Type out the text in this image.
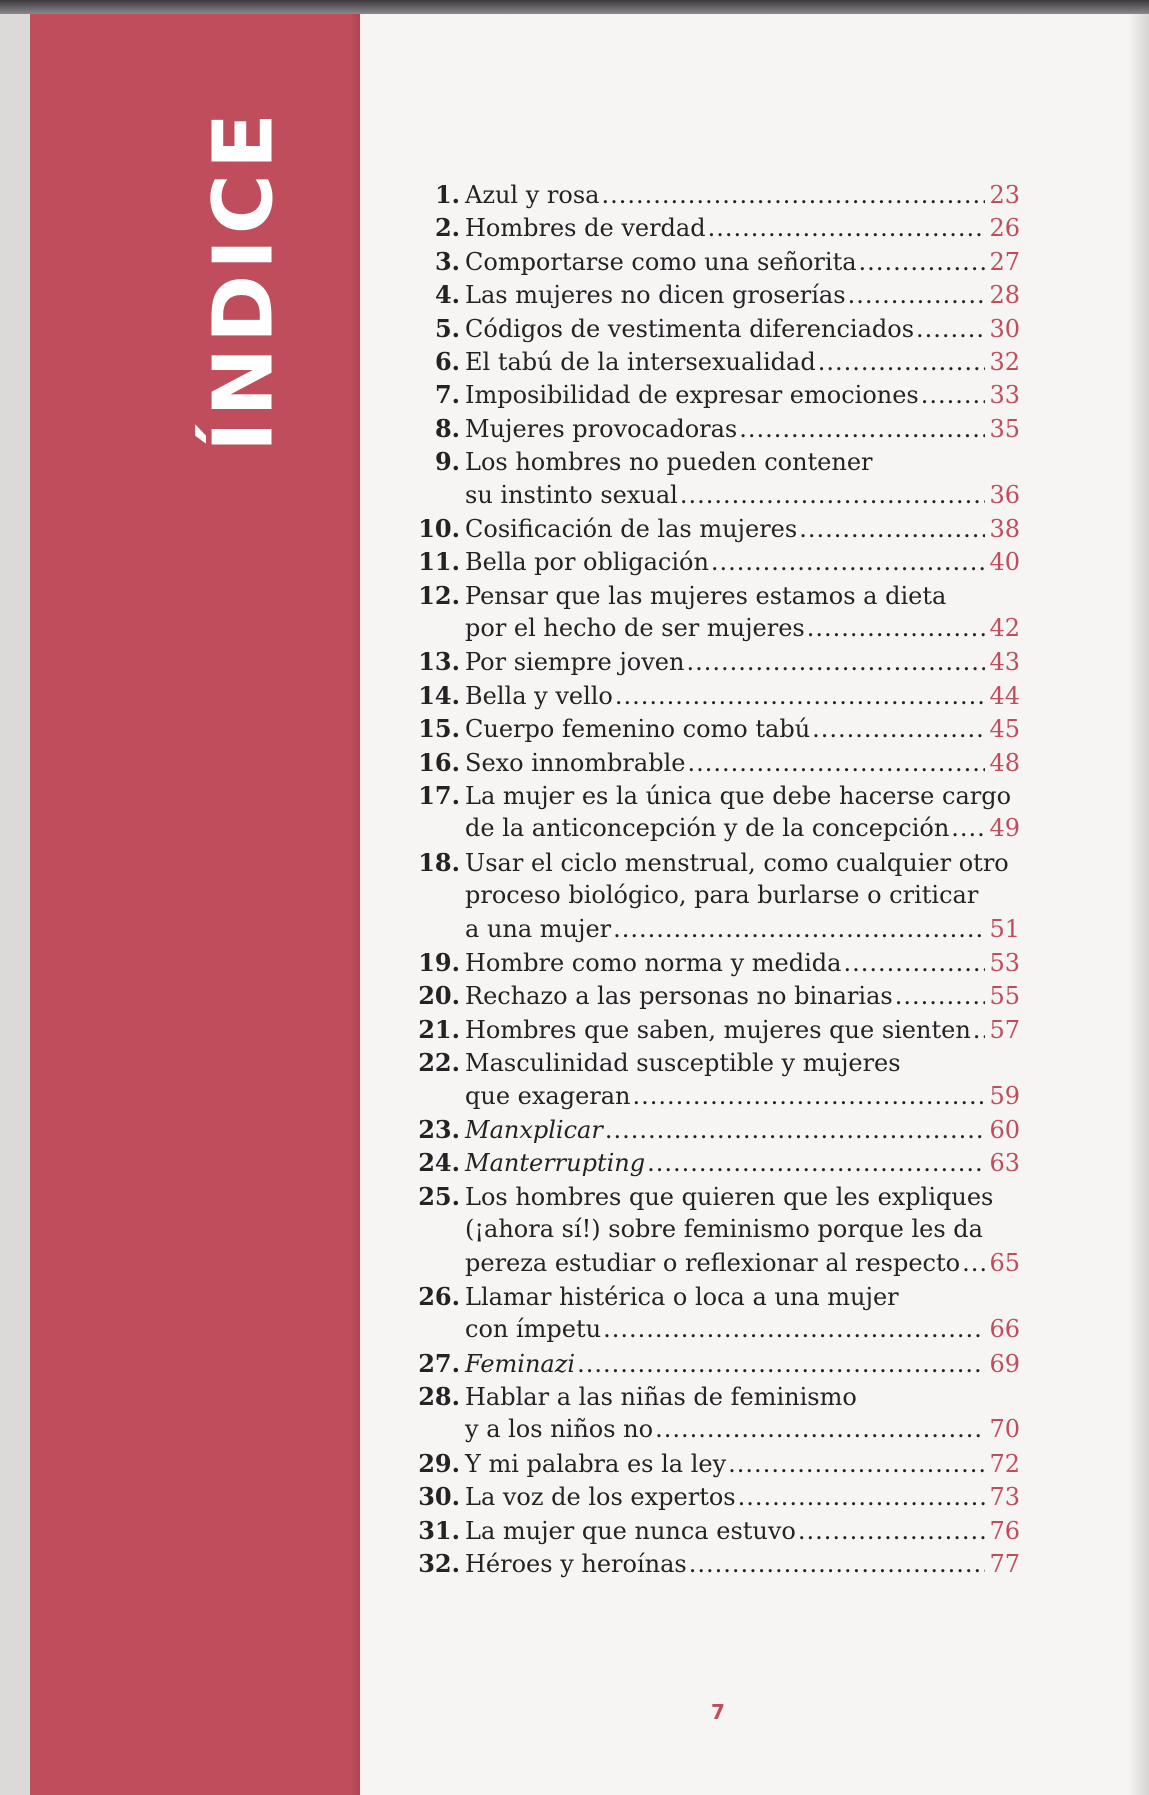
ÍNDICE	1. Azul y rosa .....	23
2. Hombres de verdad .....	26
3. Comportarse como una señorita .....	27
4. Las mujeres no dicen groserías .....	28
5. Códigos de vestimenta diferenciados .....	30
6. El tabú de la intersexualidad .....	32
7. Imposibilidad de expresar emociones .....	33
8. Mujeres provocadoras .....	35
9. Los hombres no pueden contener
su instinto sexual .....	36
10. Cosificación de las mujeres .....	38
11. Bella por obligación .....	40
12. Pensar que las mujeres estamos a dieta
por el hecho de ser mujeres .....	42
13. Por siempre joven .....	43
14. Bella y vello .....	44
15. Cuerpo femenino como tabú .....	45
16. Sexo innombrable .....	48
17. La mujer es la única que debe hacerse cargo
de la anticoncepción y de la concepción ..... 49
18. Usar el ciclo menstrual, como cualquier otro
proceso biológico, para burlarse o criticar
a una mujer .....	51
19. Hombre como norma y medida .....	53
20. Rechazo a las personas no binarias .....	55
21. Hombres que saben, mujeres que sienten ..... 57
22. Masculinidad susceptible y mujeres
que exageran .....	59
23. Manxplicar .....	60
24. Manterrupting .....	63
25. Los hombres que quieren que les expliques
(¡ahora sí!) sobre feminismo porque les da
pereza estudiar o reflexionar al respecto ..... 65
26. Llamar histérica o loca a una mujer
con ímpetu .....	66
27. Feminazi .....	69
28. Hablar a las niñas de feminismo
y a los niños no .....	70
29. Y mi palabra es la ley .....	72
30. La voz de los expertos .....	73
31. La mujer que nunca estuvo .....	76
32. Héroes y heroínas .....	77
7
